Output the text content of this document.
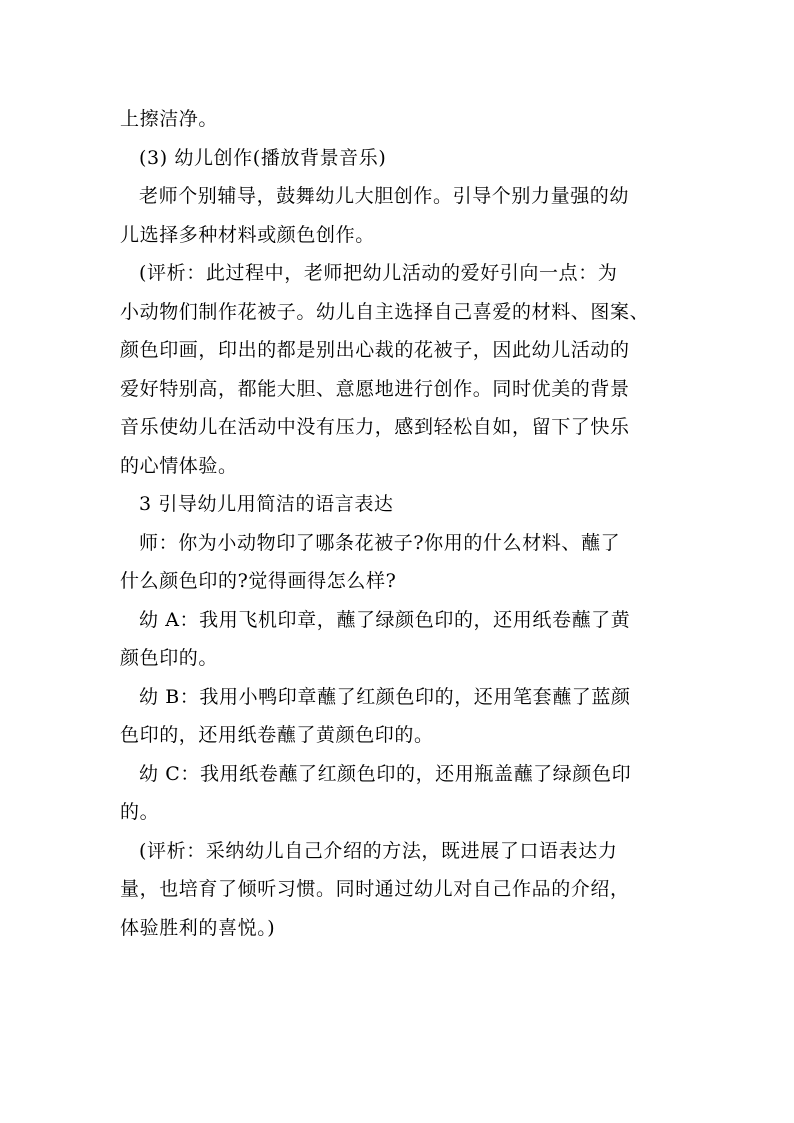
上擦洁净。

(3) 幼儿创作(播放背景音乐)

老师个别辅导，鼓舞幼儿大胆创作。引导个别力量强的幼
儿选择多种材料或颜色创作。

(评析：此过程中，老师把幼儿活动的爱好引向一点：为
小动物们制作花被子。幼儿自主选择自己喜爱的材料、图案、
颜色印画，印出的都是别出心裁的花被子，因此幼儿活动的
爱好特别高，都能大胆、意愿地进行创作。同时优美的背景
音乐使幼儿在活动中没有压力，感到轻松自如，留下了快乐
的心情体验。

3 引导幼儿用简洁的语言表达

师：你为小动物印了哪条花被子?你用的什么材料、蘸了
什么颜色印的?觉得画得怎么样?

幼 A：我用飞机印章，蘸了绿颜色印的，还用纸卷蘸了黄
颜色印的。

幼 B：我用小鸭印章蘸了红颜色印的，还用笔套蘸了蓝颜
色印的，还用纸卷蘸了黄颜色印的。

幼 C：我用纸卷蘸了红颜色印的，还用瓶盖蘸了绿颜色印
的。

(评析：采纳幼儿自己介绍的方法，既进展了口语表达力
量，也培育了倾听习惯。同时通过幼儿对自己作品的介绍，
体验胜利的喜悦。)
